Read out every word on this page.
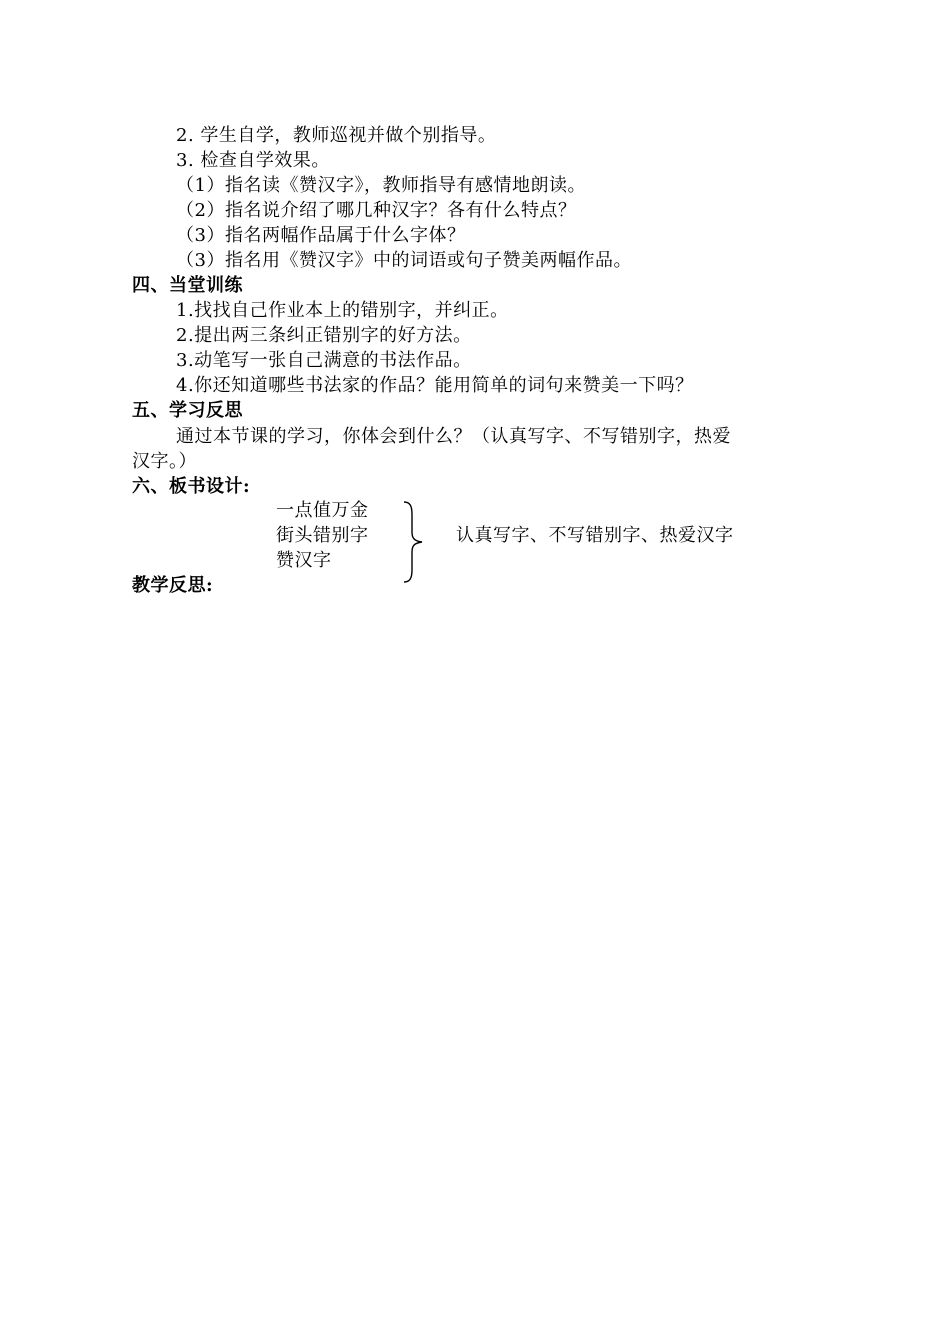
2. 学生自学，教师巡视并做个别指导。
3. 检查自学效果。
（1）指名读《赞汉字》，教师指导有感情地朗读。
（2）指名说介绍了哪几种汉字？各有什么特点？
（3）指名两幅作品属于什么字体？
（3）指名用《赞汉字》中的词语或句子赞美两幅作品。
四、当堂训练
1.找找自己作业本上的错别字，并纠正。
2.提出两三条纠正错别字的好方法。
3.动笔写一张自己满意的书法作品。
4.你还知道哪些书法家的作品？能用简单的词句来赞美一下吗？
五、学习反思
通过本节课的学习，你体会到什么？（认真写字、不写错别字，热爱
汉字。）
六、板书设计:
一点值万金
街头错别字
赞汉字
认真写字、不写错别字、热爱汉字
教学反思:
